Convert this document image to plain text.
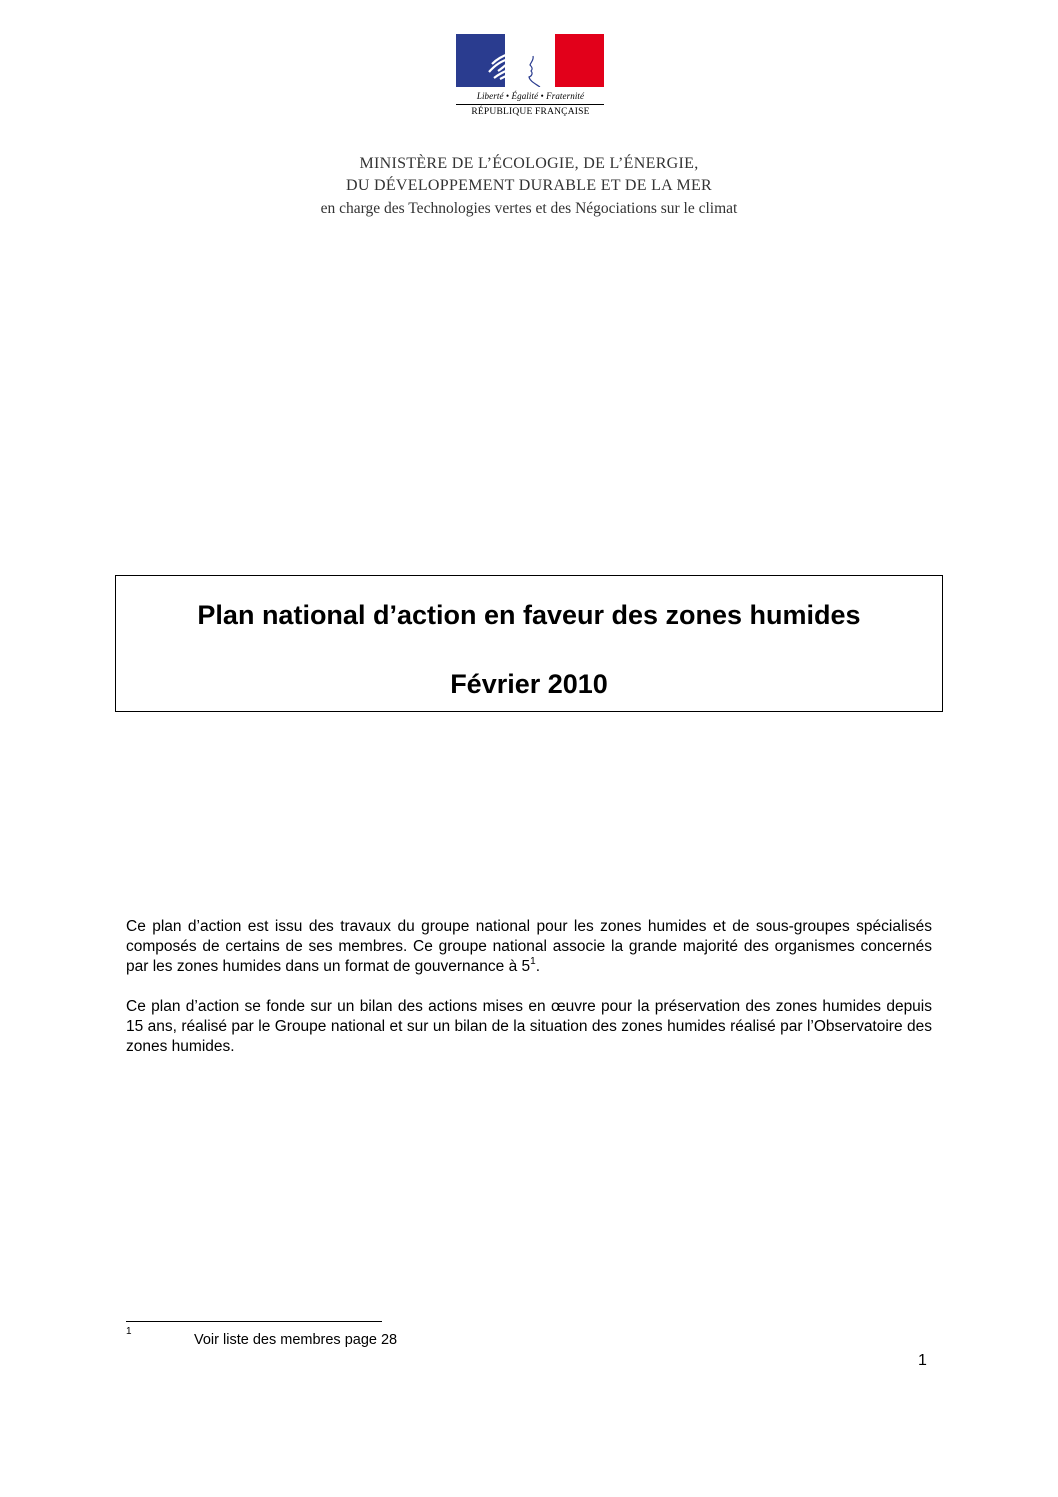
Liberté • Égalité • Fraternité
RÉPUBLIQUE FRANÇAISE
MINISTÈRE DE L’ÉCOLOGIE, DE L’ÉNERGIE,
DU DÉVELOPPEMENT DURABLE ET DE LA MER
en charge des Technologies vertes et des Négociations sur le climat
Plan national d’action en faveur des zones humides
Février 2010

Ce plan d’action est issu des travaux du groupe national pour les zones humides et de sous-groupes spécialisés composés de certains de ses membres. Ce groupe national associe la grande majorité des organismes concernés par les zones humides dans un format de gouvernance à $5^1$.

Ce plan d’action se fonde sur un bilan des actions mises en œuvre pour la préservation des zones humides depuis 15 ans, réalisé par le Groupe national et sur un bilan de la situation des zones humides réalisé par l’Observatoire des zones humides.

1
Voir liste des membres page 28
1
